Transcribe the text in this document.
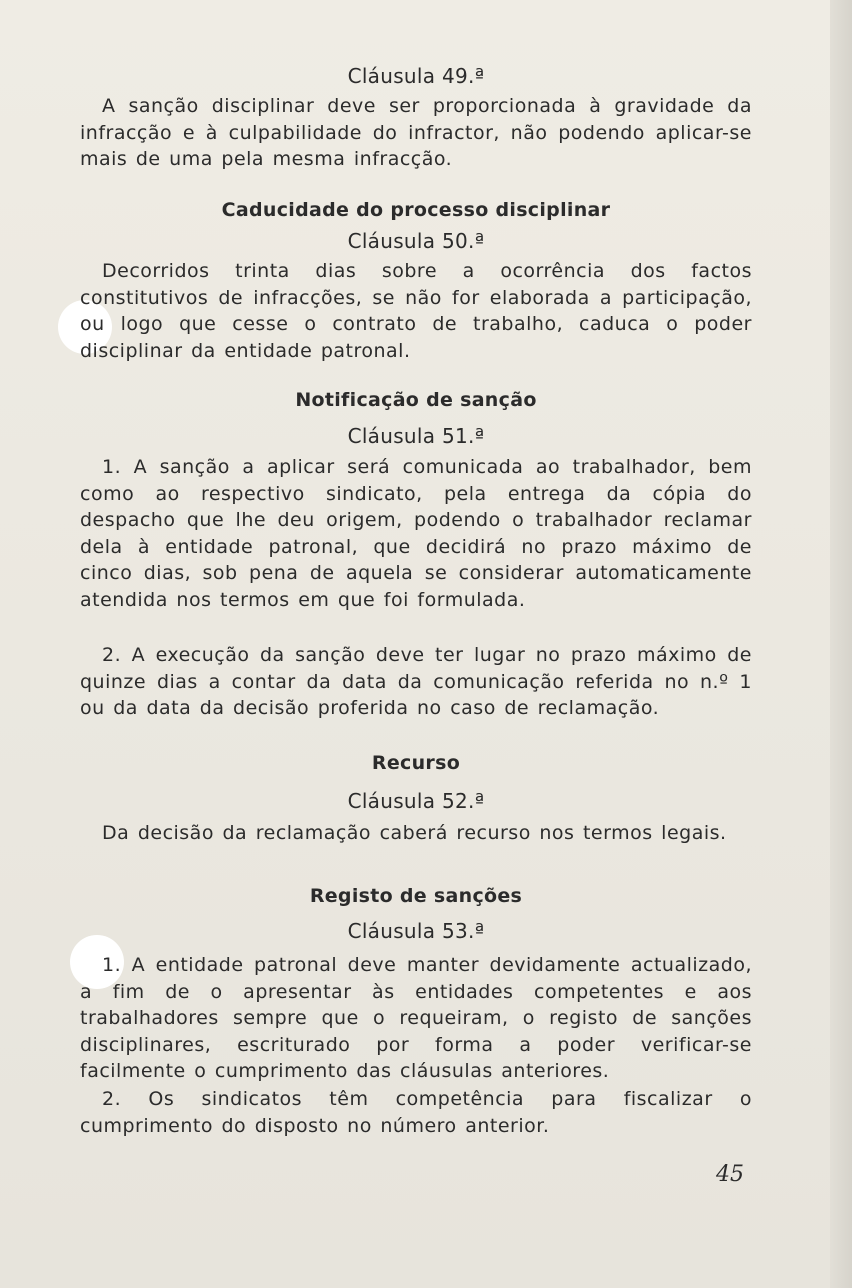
Cláusula 49.ª

A sanção disciplinar deve ser proporcionada à gravidade da infracção e à culpabilidade do infractor, não podendo aplicar-se mais de uma pela mesma infracção.

Caducidade do processo disciplinar
Cláusula 50.ª

Decorridos trinta dias sobre a ocorrência dos factos constitutivos de infracções, se não for elaborada a participação, ou logo que cesse o contrato de trabalho, caduca o poder disciplinar da entidade patronal.

Notificação de sanção
Cláusula 51.ª

1. A sanção a aplicar será comunicada ao trabalhador, bem como ao respectivo sindicato, pela entrega da cópia do despacho que lhe deu origem, podendo o trabalhador reclamar dela à entidade patronal, que decidirá no prazo máximo de cinco dias, sob pena de aquela se considerar automaticamente atendida nos termos em que foi formulada.

2. A execução da sanção deve ter lugar no prazo máximo de quinze dias a contar da data da comunicação referida no n.º 1 ou da data da decisão proferida no caso de reclamação.

Recurso
Cláusula 52.ª

Da decisão da reclamação caberá recurso nos termos legais.

Registo de sanções
Cláusula 53.ª

1. A entidade patronal deve manter devidamente actualizado, a fim de o apresentar às entidades competentes e aos trabalhadores sempre que o requeiram, o registo de sanções disciplinares, escriturado por forma a poder verificar-se facilmente o cumprimento das cláusulas anteriores.

2. Os sindicatos têm competência para fiscalizar o cumprimento do disposto no número anterior.

45
